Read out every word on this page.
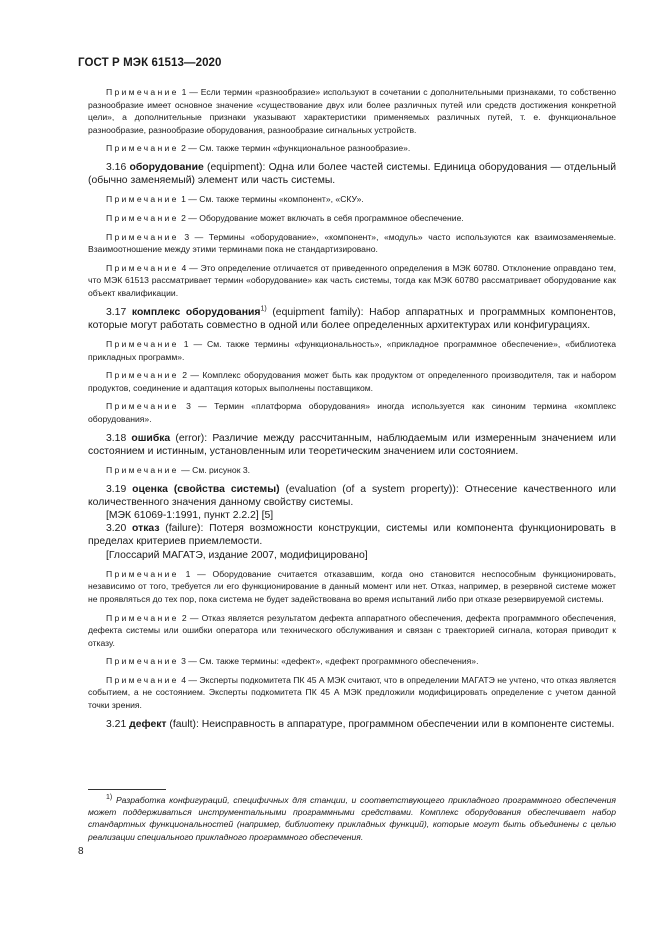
ГОСТ Р МЭК 61513—2020

Примечание 1 — Если термин «разнообразие» используют в сочетании с дополнительными признаками, то собственно разнообразие имеет основное значение «существование двух или более различных путей или средств достижения конкретной цели», а дополнительные признаки указывают характеристики применяемых различных путей, т. е. функциональное разнообразие, разнообразие оборудования, разнообразие сигнальных устройств.

Примечание 2 — См. также термин «функциональное разнообразие».

3.16 оборудование (equipment): Одна или более частей системы. Единица оборудования — отдельный (обычно заменяемый) элемент или часть системы.

Примечание 1 — См. также термины «компонент», «СКУ».

Примечание 2 — Оборудование может включать в себя программное обеспечение.

Примечание 3 — Термины «оборудование», «компонент», «модуль» часто используются как взаимозаменяемые. Взаимоотношение между этими терминами пока не стандартизировано.

Примечание 4 — Это определение отличается от приведенного определения в МЭК 60780. Отклонение оправдано тем, что МЭК 61513 рассматривает термин «оборудование» как часть системы, тогда как МЭК 60780 рассматривает оборудование как объект квалификации.

3.17 комплекс оборудования$^{1)}$ (equipment family): Набор аппаратных и программных компонентов, которые могут работать совместно в одной или более определенных архитектурах или конфигурациях.

Примечание 1 — См. также термины «функциональность», «прикладное программное обеспечение», «библиотека прикладных программ».

Примечание 2 — Комплекс оборудования может быть как продуктом от определенного производителя, так и набором продуктов, соединение и адаптация которых выполнены поставщиком.

Примечание 3 — Термин «платформа оборудования» иногда используется как синоним термина «комплекс оборудования».

3.18 ошибка (error): Различие между рассчитанным, наблюдаемым или измеренным значением или состоянием и истинным, установленным или теоретическим значением или состоянием.

Примечание — См. рисунок 3.

3.19 оценка (свойства системы) (evaluation (of a system property)): Отнесение качественного или количественного значения данному свойству системы.

[МЭК 61069-1:1991, пункт 2.2.2] [5]

3.20 отказ (failure): Потеря возможности конструкции, системы или компонента функционировать в пределах критериев приемлемости.

[Глоссарий МАГАТЭ, издание 2007, модифицировано]

Примечание 1 — Оборудование считается отказавшим, когда оно становится неспособным функционировать, независимо от того, требуется ли его функционирование в данный момент или нет. Отказ, например, в резервной системе может не проявляться до тех пор, пока система не будет задействована во время испытаний либо при отказе резервируемой системы.

Примечание 2 — Отказ является результатом дефекта аппаратного обеспечения, дефекта программного обеспечения, дефекта системы или ошибки оператора или технического обслуживания и связан с траекторией сигнала, которая приводит к отказу.

Примечание 3 — См. также термины: «дефект», «дефект программного обеспечения».

Примечание 4 — Эксперты подкомитета ПК 45 А МЭК считают, что в определении МАГАТЭ не учтено, что отказ является событием, а не состоянием. Эксперты подкомитета ПК 45 А МЭК предложили модифицировать определение с учетом данной точки зрения.

3.21 дефект (fault): Неисправность в аппаратуре, программном обеспечении или в компоненте системы.

$^{1)}$ Разработка конфигураций, специфичных для станции, и соответствующего прикладного программного обеспечения может поддерживаться инструментальными программными средствами. Комплекс оборудования обеспечивает набор стандартных функциональностей (например, библиотеку прикладных функций), которые могут быть объединены с целью реализации специального прикладного программного обеспечения.
8
